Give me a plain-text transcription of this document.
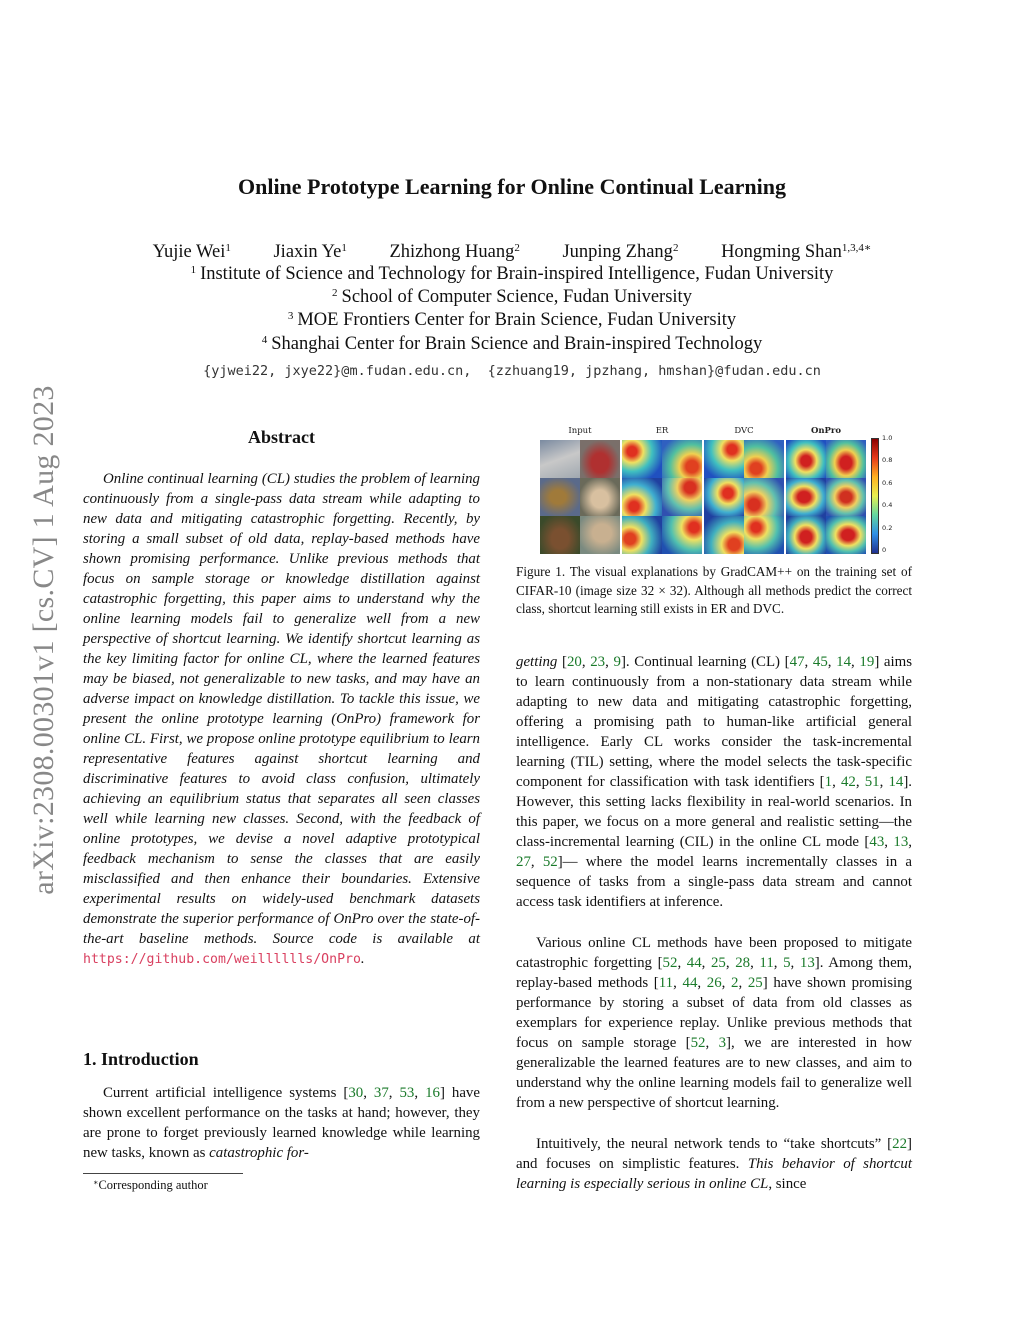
arXiv:2308.00301v1 [cs.CV] 1 Aug 2023
Online Prototype Learning for Online Continual Learning
Yujie Wei$^1$ Jiaxin Ye$^1$ Zhizhong Huang$^2$ Junping Zhang$^2$ Hongming Shan$^{1,3,4∗}$
$^1$ Institute of Science and Technology for Brain-inspired Intelligence, Fudan University
$^2$ School of Computer Science, Fudan University
$^3$ MOE Frontiers Center for Brain Science, Fudan University
$^4$ Shanghai Center for Brain Science and Brain-inspired Technology
{yjwei22, jxye22}@m.fudan.edu.cn,  {zzhuang19, jpzhang, hmshan}@fudan.edu.cn
Abstract
Online continual learning (CL) studies the problem of learning continuously from a single-pass data stream while adapting to new data and mitigating catastrophic forgetting. Recently, by storing a small subset of old data, replay-based methods have shown promising performance. Unlike previous methods that focus on sample storage or knowledge distillation against catastrophic forgetting, this paper aims to understand why the online learning models fail to generalize well from a new perspective of shortcut learning. We identify shortcut learning as the key limiting factor for online CL, where the learned features may be biased, not generalizable to new tasks, and may have an adverse impact on knowledge distillation. To tackle this issue, we present the online prototype learning (OnPro) framework for online CL. First, we propose online prototype equilibrium to learn representative features against shortcut learning and discriminative features to avoid class confusion, ultimately achieving an equilibrium status that separates all seen classes well while learning new classes. Second, with the feedback of online prototypes, we devise a novel adaptive prototypical feedback mechanism to sense the classes that are easily misclassified and then enhance their boundaries. Extensive experimental results on widely-used benchmark datasets demonstrate the superior performance of OnPro over the state-of-the-art baseline methods. Source code is available at https://github.com/weilllllls/OnPro.
1. Introduction
Current artificial intelligence systems [30, 37, 53, 16] have shown excellent performance on the tasks at hand; however, they are prone to forget previously learned knowledge while learning new tasks, known as catastrophic for-
∗Corresponding author
Input	ER	DVC	OnPro
1.0
0.8
0.6
0.4
0.2
0
Figure 1. The visual explanations by GradCAM++ on the training set of CIFAR-10 (image size 32 × 32). Although all methods predict the correct class, shortcut learning still exists in ER and DVC.
getting [20, 23, 9]. Continual learning (CL) [47, 45, 14, 19] aims to learn continuously from a non-stationary data stream while adapting to new data and mitigating catastrophic forgetting, offering a promising path to human-like artificial general intelligence. Early CL works consider the task-incremental learning (TIL) setting, where the model selects the task-specific component for classification with task identifiers [1, 42, 51, 14]. However, this setting lacks flexibility in real-world scenarios. In this paper, we focus on a more general and realistic setting—the class-incremental learning (CIL) in the online CL mode [43, 13, 27, 52]— where the model learns incrementally classes in a sequence of tasks from a single-pass data stream and cannot access task identifiers at inference.
Various online CL methods have been proposed to mitigate catastrophic forgetting [52, 44, 25, 28, 11, 5, 13]. Among them, replay-based methods [11, 44, 26, 2, 25] have shown promising performance by storing a subset of data from old classes as exemplars for experience replay. Unlike previous methods that focus on sample storage [52, 3], we are interested in how generalizable the learned features are to new classes, and aim to understand why the online learning models fail to generalize well from a new perspective of shortcut learning.
Intuitively, the neural network tends to “take shortcuts” [22] and focuses on simplistic features. This behavior of shortcut learning is especially serious in online CL, since
